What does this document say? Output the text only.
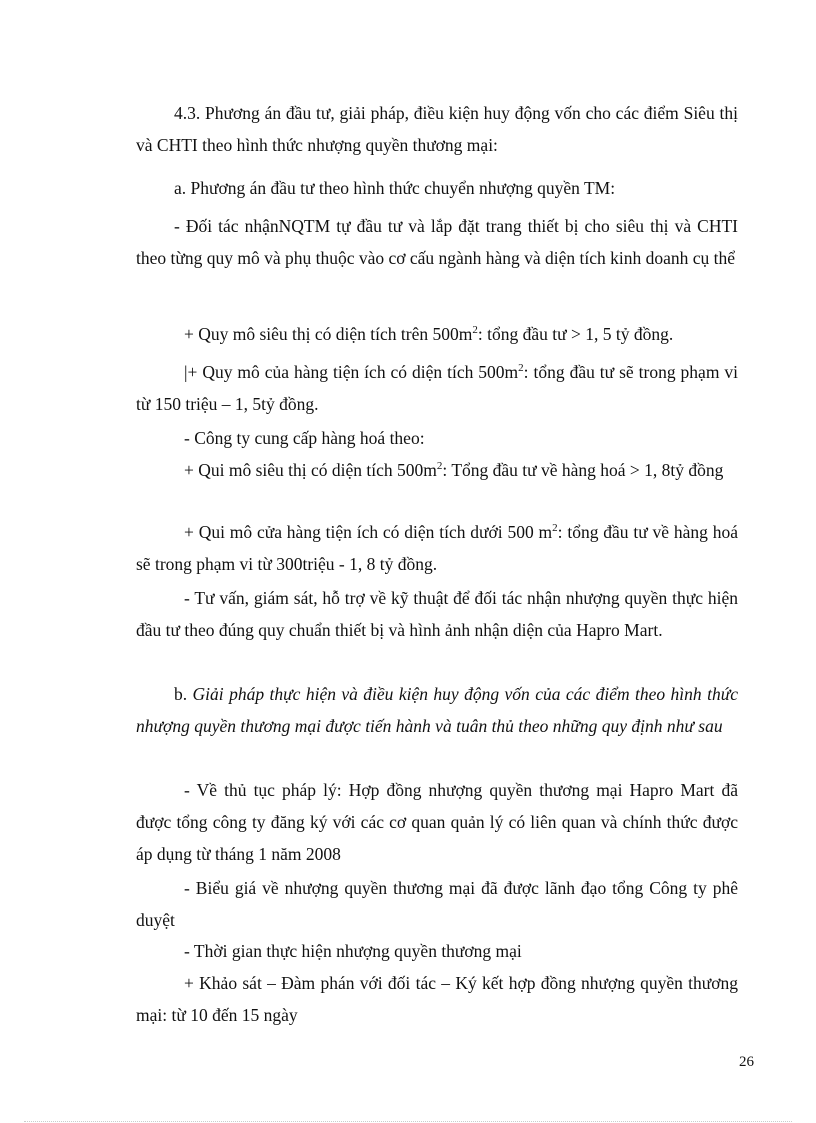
4.3. Phương án đầu tư, giải pháp, điều kiện huy động vốn cho các điểm Siêu thị và CHTI theo hình thức nhượng quyền thương mại:
a. Phương án đầu tư theo hình thức chuyển nhượng quyền TM:
- Đối tác nhậnNQTM tự đầu tư và lắp đặt trang thiết bị cho siêu thị và CHTI theo từng quy mô và phụ thuộc vào cơ cấu ngành hàng và diện tích kinh doanh cụ thể
+ Quy mô siêu thị có diện tích trên $500m^2$: tổng đầu tư > 1, 5 tỷ đồng.
|+ Quy mô của hàng tiện ích có diện tích $500m^2$: tổng đầu tư sẽ trong phạm vi từ 150 triệu – 1, 5tỷ đồng.
- Công ty cung cấp hàng hoá theo:
+ Qui mô siêu thị có diện tích $500m^2$: Tổng đầu tư về hàng hoá > 1, 8tỷ đồng
+ Qui mô cửa hàng tiện ích có diện tích dưới 500 $m^2$: tổng đầu tư về hàng hoá sẽ trong phạm vi từ 300triệu - 1, 8 tỷ đồng.
- Tư vấn, giám sát, hỗ trợ về kỹ thuật để đối tác nhận nhượng quyền thực hiện đầu tư theo đúng quy chuẩn thiết bị và hình ảnh nhận diện của Hapro Mart.
b. Giải pháp thực hiện và điều kiện huy động vốn của các điểm theo hình thức nhượng quyền thương mại được tiến hành và tuân thủ theo những quy định như sau
- Về thủ tục pháp lý: Hợp đồng nhượng quyền thương mại Hapro Mart đã được tổng công ty đăng ký với các cơ quan quản lý có liên quan và chính thức được áp dụng từ tháng 1 năm 2008
- Biểu giá về nhượng quyền thương mại đã được lãnh đạo tổng Công ty phê duyệt
- Thời gian thực hiện nhượng quyền thương mại
+ Khảo sát – Đàm phán với đối tác – Ký kết hợp đồng nhượng quyền thương mại: từ 10 đến 15 ngày
26
